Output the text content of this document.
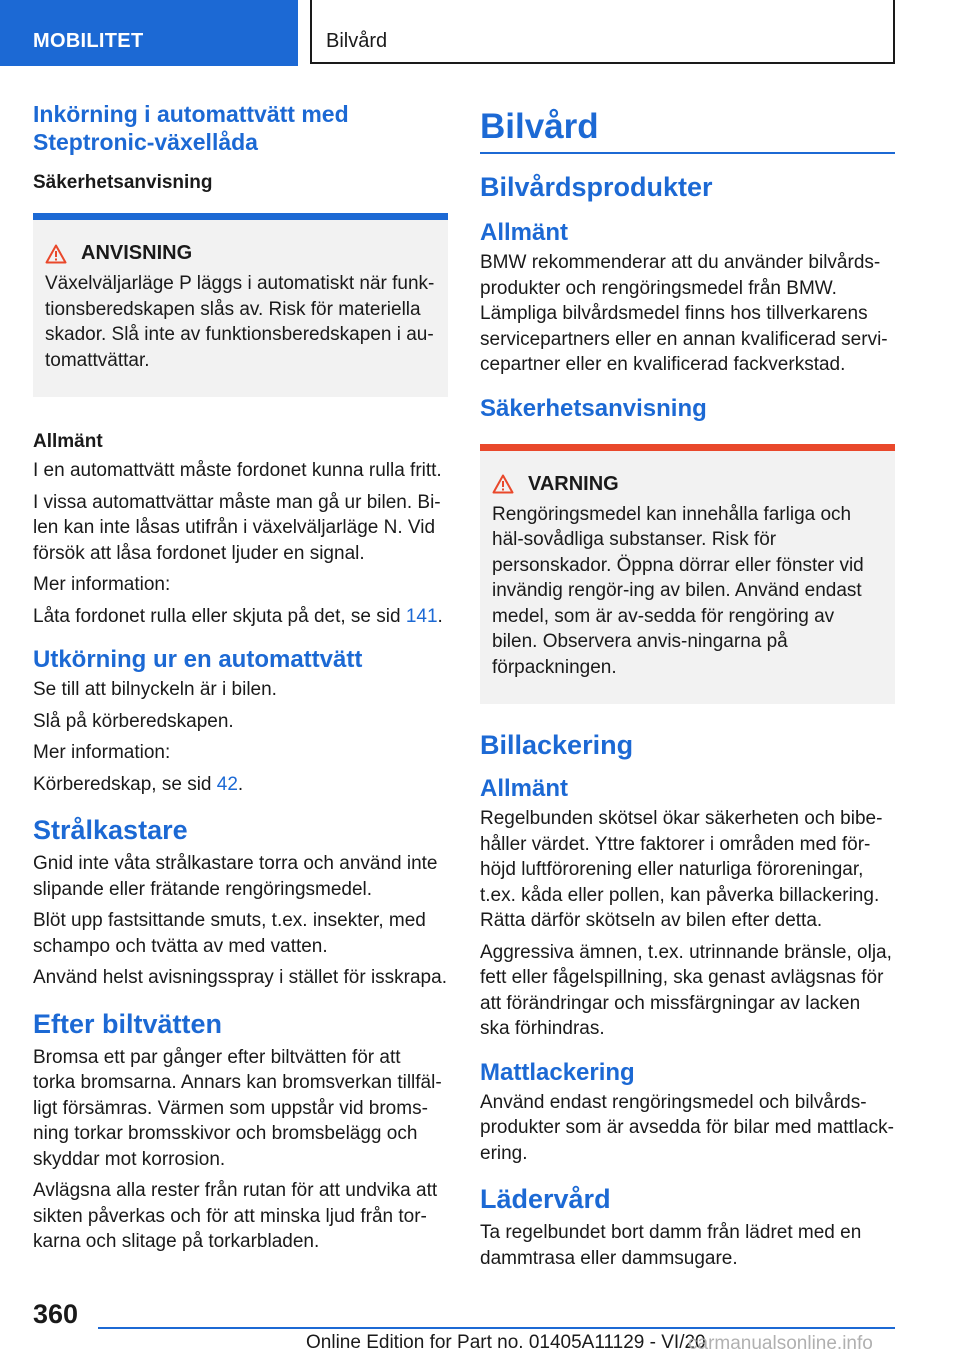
MOBILITET	Bilvård
Inkörning i automattvätt med Steptronic-växellåda
Säkerhetsanvisning
ANVISNING

Växelväljarläge P läggs i automatiskt när funk-tionsberedskapen slås av. Risk för materiella skador. Slå inte av funktionsberedskapen i au-tomattvättar.

Allmänt

I en automattvätt måste fordonet kunna rulla fritt.

I vissa automattvättar måste man gå ur bilen. Bi-len kan inte låsas utifrån i växelväljarläge N. Vid försök att låsa fordonet ljuder en signal.

Mer information:

Låta fordonet rulla eller skjuta på det, se sid 141.

Utkörning ur en automattvätt

Se till att bilnyckeln är i bilen.

Slå på körberedskapen.

Mer information:

Körberedskap, se sid 42.

Strålkastare

Gnid inte våta strålkastare torra och använd inte slipande eller frätande rengöringsmedel.

Blöt upp fastsittande smuts, t.ex. insekter, med schampo och tvätta av med vatten.

Använd helst avisningsspray i stället för isskrapa.

Efter biltvätten

Bromsa ett par gånger efter biltvätten för att torka bromsarna. Annars kan bromsverkan tillfäl-ligt försämras. Värmen som uppstår vid broms-ning torkar bromsskivor och bromsbelägg och skyddar mot korrosion.

Avlägsna alla rester från rutan för att undvika att sikten påverkas och för att minska ljud från tor-karna och slitage på torkarbladen.

Bilvård
Bilvårdsprodukter
Allmänt

BMW rekommenderar att du använder bilvårds-produkter och rengöringsmedel från BMW. Lämpliga bilvårdsmedel finns hos tillverkarens servicepartners eller en annan kvalificerad servi-cepartner eller en kvalificerad fackverkstad.

Säkerhetsanvisning
VARNING

Rengöringsmedel kan innehålla farliga och häl-sovådliga substanser. Risk för personskador. Öppna dörrar eller fönster vid invändig rengör-ing av bilen. Använd endast medel, som är av-sedda för rengöring av bilen. Observera anvis-ningarna på förpackningen.

Billackering
Allmänt

Regelbunden skötsel ökar säkerheten och bibe-håller värdet. Yttre faktorer i områden med för-höjd luftförorening eller naturliga föroreningar, t.ex. kåda eller pollen, kan påverka billackering. Rätta därför skötseln av bilen efter detta.

Aggressiva ämnen, t.ex. utrinnande bränsle, olja, fett eller fågelspillning, ska genast avlägsnas för att förändringar och missfärgningar av lacken ska förhindras.

Mattlackering

Använd endast rengöringsmedel och bilvårds-produkter som är avsedda för bilar med mattlack-ering.

Lädervård

Ta regelbundet bort damm från lädret med en dammtrasa eller dammsugare.

360
Online Edition for Part no. 01405A11129 - VI/20
carmanualsonline.info
